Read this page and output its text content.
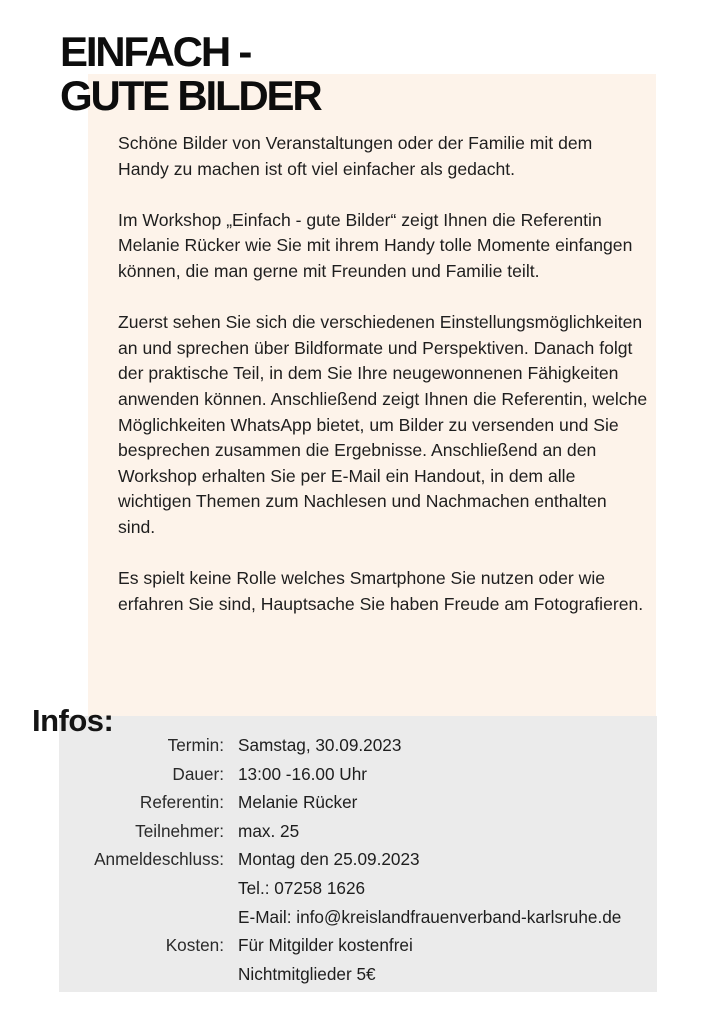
EINFACH -
GUTE BILDER

Schöne Bilder von Veranstaltungen oder der Familie mit dem Handy zu machen ist oft viel einfacher als gedacht.

Im Workshop „Einfach - gute Bilder“ zeigt Ihnen die Referentin Melanie Rücker wie Sie mit ihrem Handy tolle Momente einfangen können, die man gerne mit Freunden und Familie teilt.

Zuerst sehen Sie sich die verschiedenen Einstellungsmöglichkeiten an und sprechen über Bildformate und Perspektiven. Danach folgt der praktische Teil, in dem Sie Ihre neugewonnenen Fähigkeiten anwenden können. Anschließend zeigt Ihnen die Referentin, welche Möglichkeiten WhatsApp bietet, um Bilder zu versenden und Sie besprechen zusammen die Ergebnisse. Anschließend an den Workshop erhalten Sie per E-Mail ein Handout, in dem alle wichtigen Themen zum Nachlesen und Nachmachen enthalten sind.

Es spielt keine Rolle welches Smartphone Sie nutzen oder wie erfahren Sie sind, Hauptsache Sie haben Freude am Fotografieren.

Infos:
Termin: Samstag, 30.09.2023
Dauer: 13:00 -16.00 Uhr
Referentin: Melanie Rücker
Teilnehmer: max. 25
Anmeldeschluss: Montag den 25.09.2023
Tel.: 07258 1626
E-Mail: info@kreislandfrauenverband-karlsruhe.de
Kosten: Für Mitgilder kostenfrei
Nichtmitglieder 5€
